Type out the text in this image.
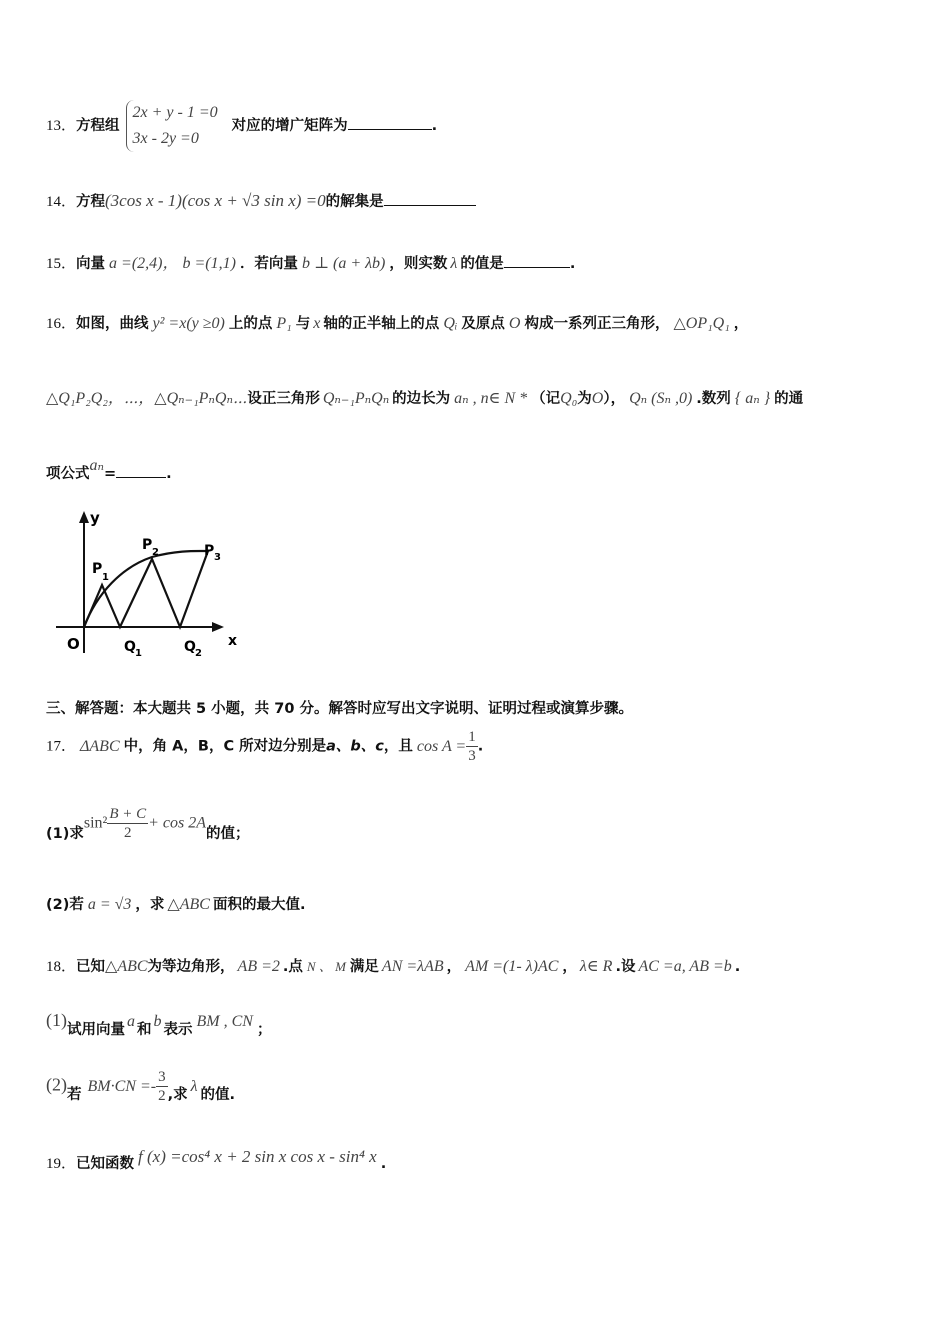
13．方程组
2x + y - 1 =0
3x - 2y =0
对应的增广矩阵为	.
14．方程(3cos x - 1)(cos x + √3 sin x) =0的解集是
15．向量 a =(2,4)， b =(1,1) ．若向量 b ⊥ (a + λb) ，则实数 λ 的值是	.
16．如图，曲线 y² =x(y ≥0) 上的点 P₁ 与 x 轴的正半轴上的点 Qᵢ 及原点 O 构成一系列正三角形， △OP₁Q₁ ，
△Q₁P₂Q₂，⋯，△Qₙ₋₁PₙQₙ⋯设正三角形 Qₙ₋₁PₙQₙ 的边长为 aₙ , n∈ N * （记Q₀为O）， Qₙ (Sₙ ,0) .数列 { aₙ } 的通
项公式aₙ=	.
y
x
O
P
1
P 2	P 3
Q 1	Q 2
三、解答题：本大题共 5 小题，共 70 分。解答时应写出文字说明、证明过程或演算步骤。
17． ΔABC 中，角 A，B，C 所对边分别是a、b、c，且 $\cos A = \frac{1}{3}$ .
(1)求$\sin^2 \frac{B + C}{2} + \cos 2A$的值；
(2)若 a = √3 ，求 △ABC 面积的最大值.
18．已知△ABC为等边角形， AB =2 .点 N 、 M 满足 AN =λAB ， AM =(1- λ)AC ， λ∈ R .设 AC =a, AB =b .
(1)试用向量 a 和 b 表示 BM , CN ；
(2)若 $BM\cdot CN =- \frac{3}{2}$ ,求 λ 的值.
19．已知函数 f (x) =cos⁴ x + 2 sin x cos x - sin⁴ x .
